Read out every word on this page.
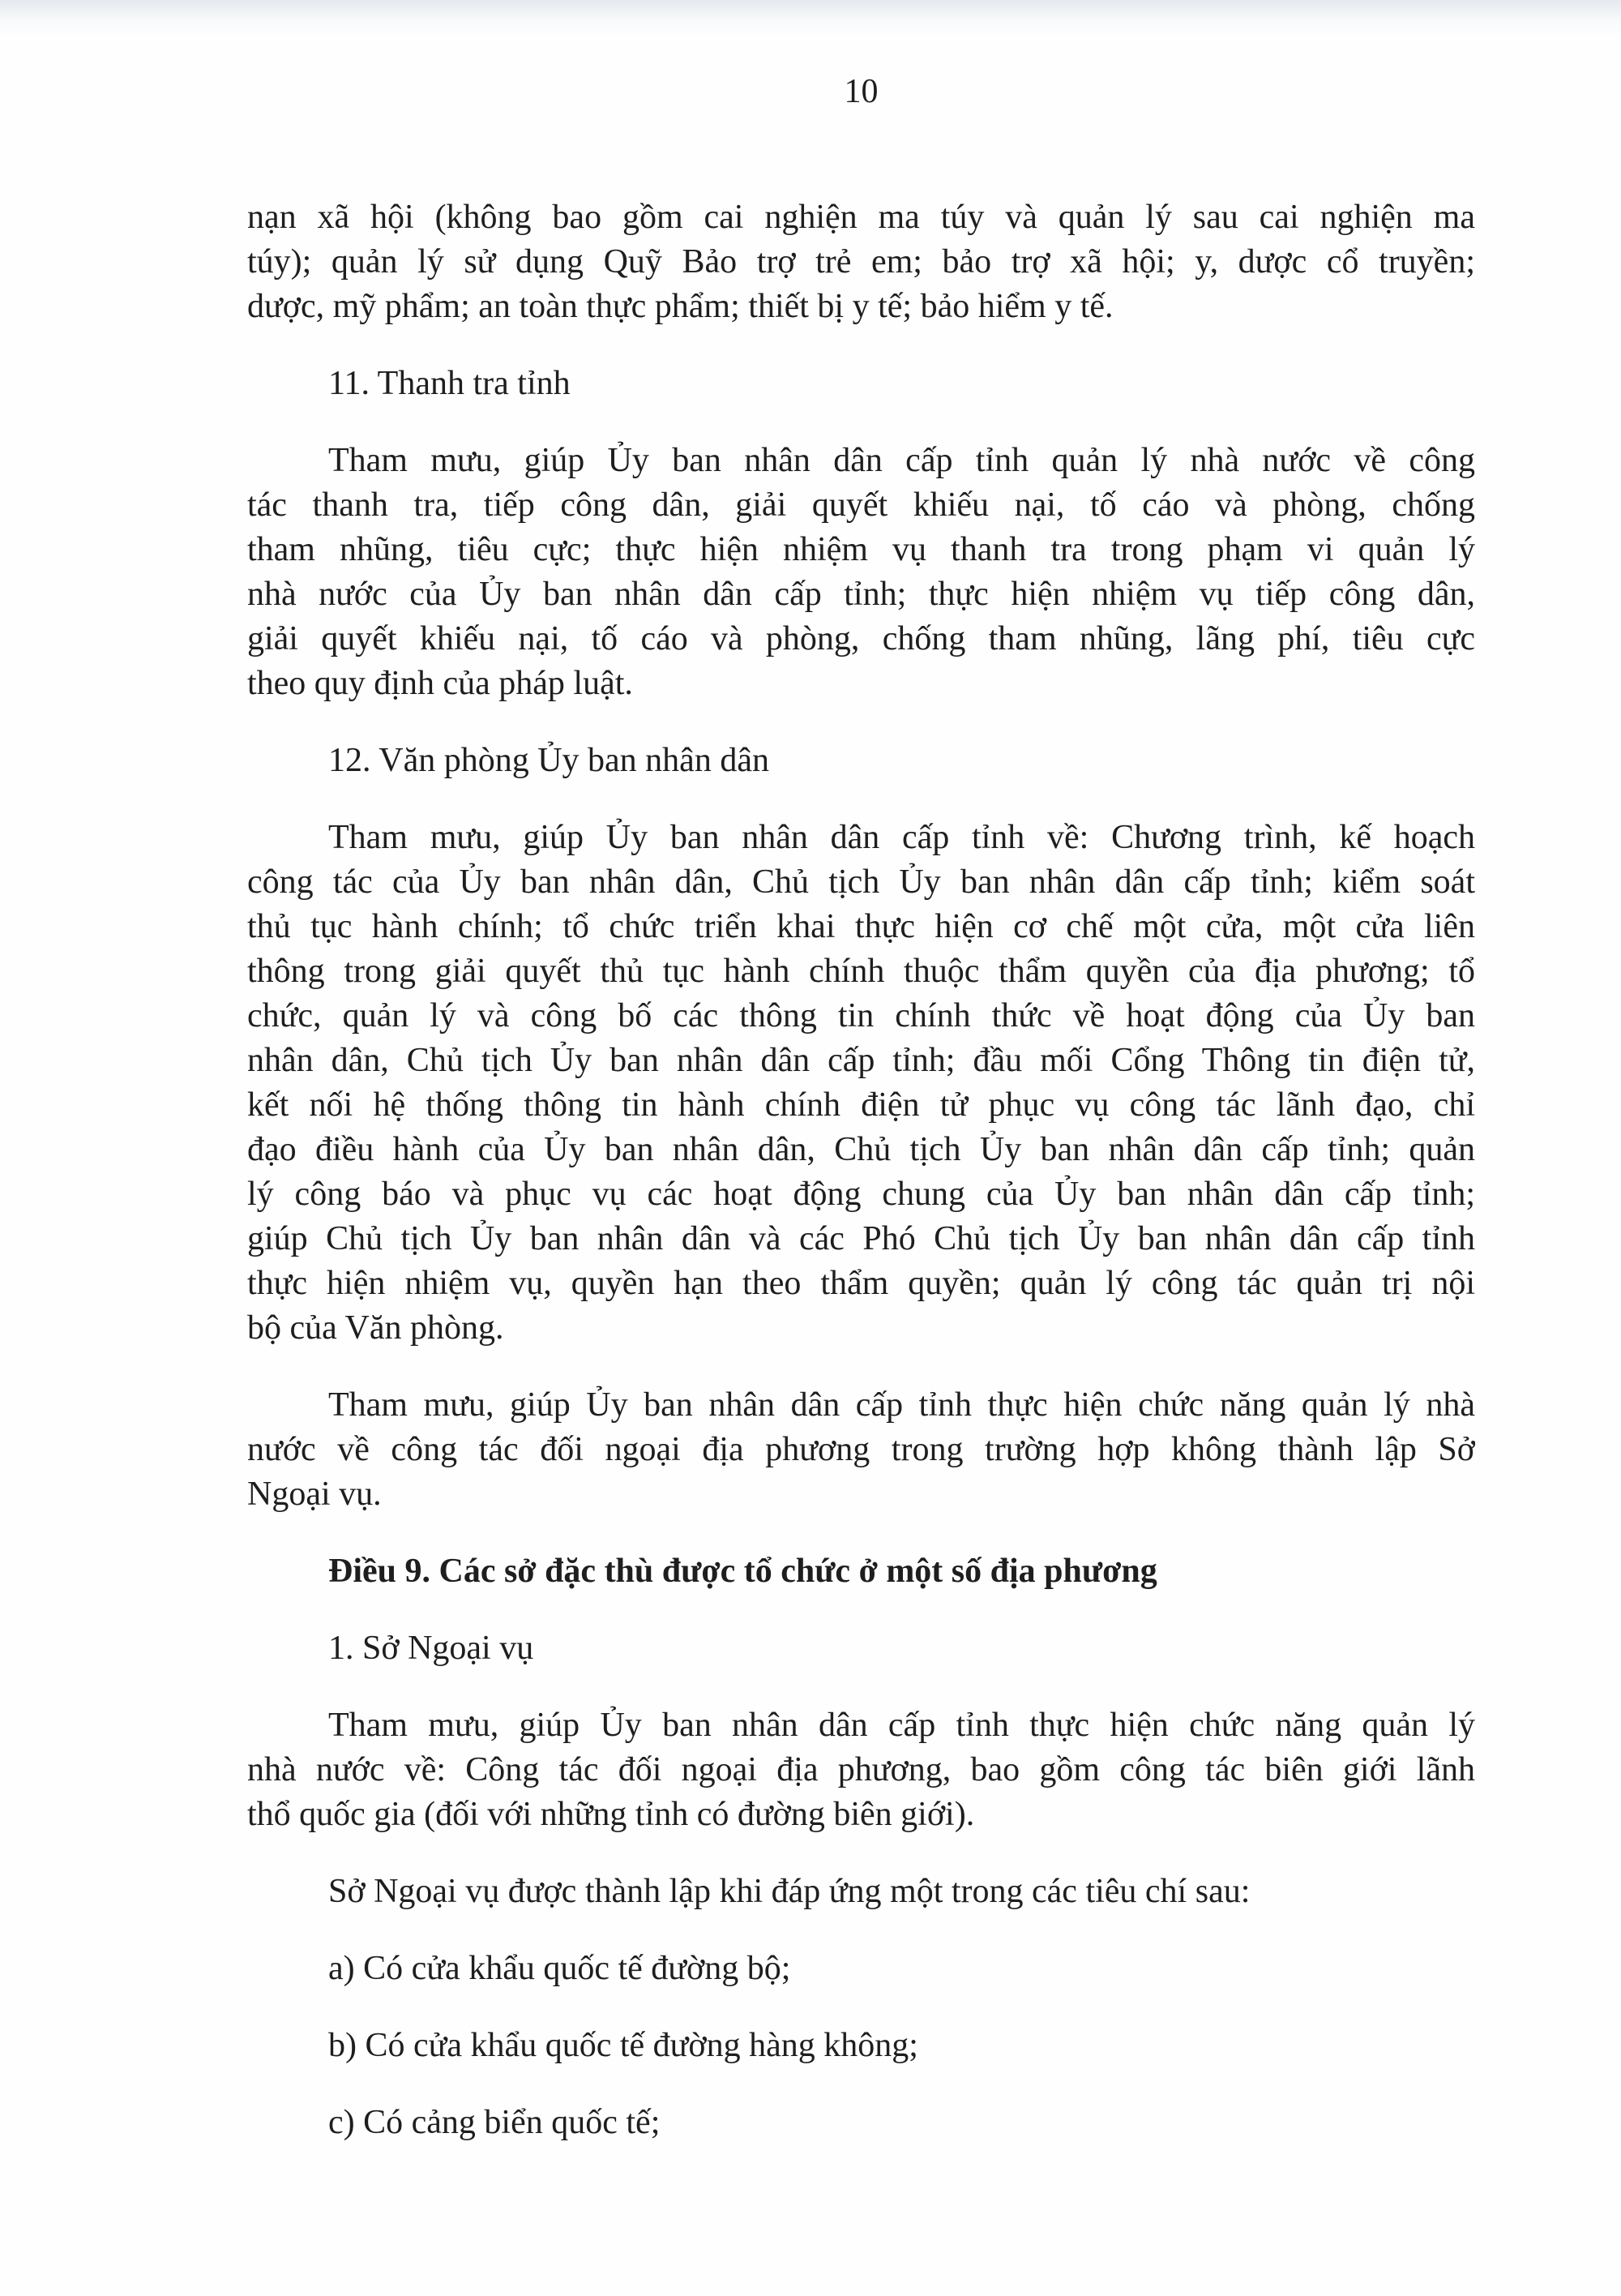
10
nạn xã hội (không bao gồm cai nghiện ma túy và quản lý sau cai nghiện ma
túy); quản lý sử dụng Quỹ Bảo trợ trẻ em; bảo trợ xã hội; y, dược cổ truyền;
dược, mỹ phẩm; an toàn thực phẩm; thiết bị y tế; bảo hiểm y tế.
11. Thanh tra tỉnh
Tham mưu, giúp Ủy ban nhân dân cấp tỉnh quản lý nhà nước về công
tác thanh tra, tiếp công dân, giải quyết khiếu nại, tố cáo và phòng, chống
tham nhũng, tiêu cực; thực hiện nhiệm vụ thanh tra trong phạm vi quản lý
nhà nước của Ủy ban nhân dân cấp tỉnh; thực hiện nhiệm vụ tiếp công dân,
giải quyết khiếu nại, tố cáo và phòng, chống tham nhũng, lãng phí, tiêu cực
theo quy định của pháp luật.
12. Văn phòng Ủy ban nhân dân
Tham mưu, giúp Ủy ban nhân dân cấp tỉnh về: Chương trình, kế hoạch
công tác của Ủy ban nhân dân, Chủ tịch Ủy ban nhân dân cấp tỉnh; kiểm soát
thủ tục hành chính; tổ chức triển khai thực hiện cơ chế một cửa, một cửa liên
thông trong giải quyết thủ tục hành chính thuộc thẩm quyền của địa phương; tổ
chức, quản lý và công bố các thông tin chính thức về hoạt động của Ủy ban
nhân dân, Chủ tịch Ủy ban nhân dân cấp tỉnh; đầu mối Cổng Thông tin điện tử,
kết nối hệ thống thông tin hành chính điện tử phục vụ công tác lãnh đạo, chỉ
đạo điều hành của Ủy ban nhân dân, Chủ tịch Ủy ban nhân dân cấp tỉnh; quản
lý công báo và phục vụ các hoạt động chung của Ủy ban nhân dân cấp tỉnh;
giúp Chủ tịch Ủy ban nhân dân và các Phó Chủ tịch Ủy ban nhân dân cấp tỉnh
thực hiện nhiệm vụ, quyền hạn theo thẩm quyền; quản lý công tác quản trị nội
bộ của Văn phòng.
Tham mưu, giúp Ủy ban nhân dân cấp tỉnh thực hiện chức năng quản lý nhà
nước về công tác đối ngoại địa phương trong trường hợp không thành lập Sở
Ngoại vụ.
Điều 9. Các sở đặc thù được tổ chức ở một số địa phương
1. Sở Ngoại vụ
Tham mưu, giúp Ủy ban nhân dân cấp tỉnh thực hiện chức năng quản lý
nhà nước về: Công tác đối ngoại địa phương, bao gồm công tác biên giới lãnh
thổ quốc gia (đối với những tỉnh có đường biên giới).
Sở Ngoại vụ được thành lập khi đáp ứng một trong các tiêu chí sau:
a) Có cửa khẩu quốc tế đường bộ;
b) Có cửa khẩu quốc tế đường hàng không;
c) Có cảng biển quốc tế;
